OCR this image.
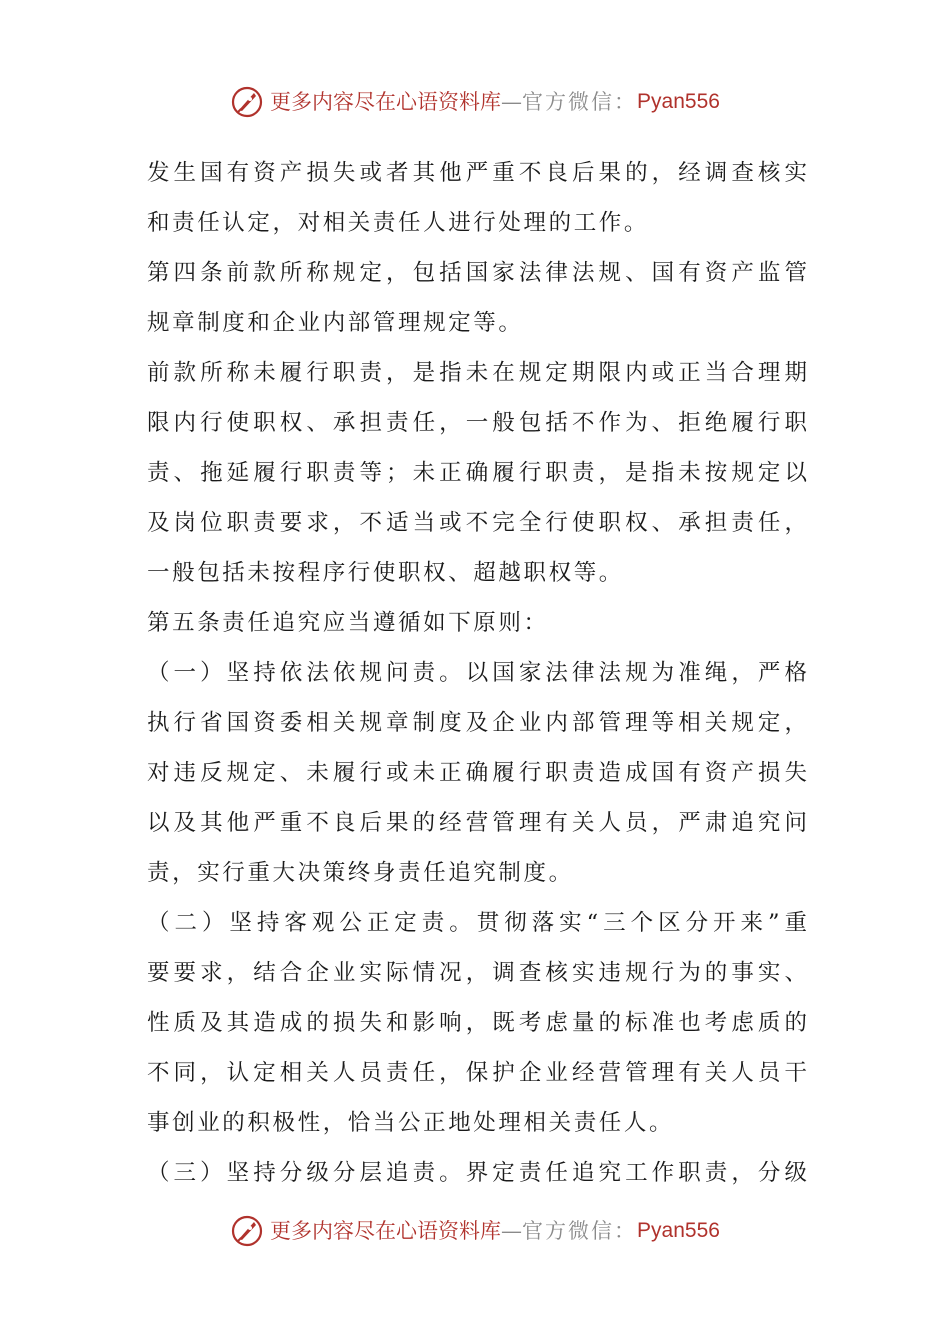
更多内容尽在心语资料库 — 官方微信： Pyan556
发生国有资产损失或者其他严重不良后果的，经调查核实
和责任认定，对相关责任人进行处理的工作。
第四条前款所称规定，包括国家法律法规、国有资产监管
规章制度和企业内部管理规定等。
前款所称未履行职责，是指未在规定期限内或正当合理期
限内行使职权、承担责任，一般包括不作为、拒绝履行职
责、拖延履行职责等；未正确履行职责，是指未按规定以
及岗位职责要求，不适当或不完全行使职权、承担责任，
一般包括未按程序行使职权、超越职权等。
第五条责任追究应当遵循如下原则：
（一）坚持依法依规问责。以国家法律法规为准绳，严格
执行省国资委相关规章制度及企业内部管理等相关规定，
对违反规定、未履行或未正确履行职责造成国有资产损失
以及其他严重不良后果的经营管理有关人员，严肃追究问
责，实行重大决策终身责任追究制度。
（二）坚持客观公正定责。贯彻落实“三个区分开来”重
要要求，结合企业实际情况，调查核实违规行为的事实、
性质及其造成的损失和影响，既考虑量的标准也考虑质的
不同，认定相关人员责任，保护企业经营管理有关人员干
事创业的积极性，恰当公正地处理相关责任人。
（三）坚持分级分层追责。界定责任追究工作职责，分级
更多内容尽在心语资料库 — 官方微信： Pyan556
